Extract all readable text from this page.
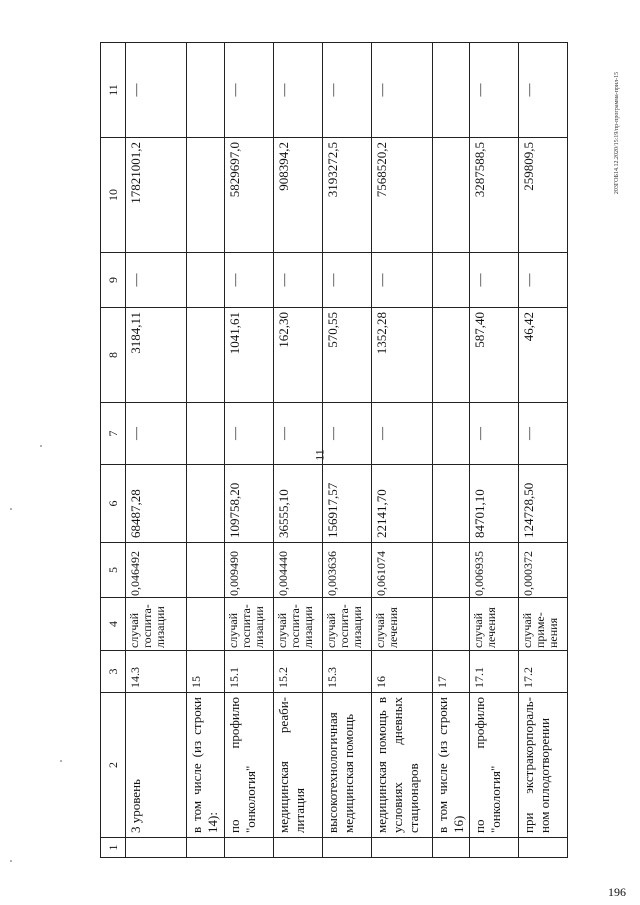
11
203ГОБ14.12.2020/15:19/пр-программа-прил-15
196
1	2	3	4	5	6	7	8	9	10	11
	3 уровень	14.3	случай госпита-лизации	0,046492	68487,28	—	3184,11	—	17821001,2	—
	в том числе (из строки 14):	15								
	по профилю "онкология"	15.1	случай госпита-лизации	0,009490	109758,20	—	1041,61	—	5829697,0	—
	медицинская реаби-литация	15.2	случай госпита-лизации	0,004440	36555,10	—	162,30	—	908394,2	—
	высокотехнологичная медицинская помощь	15.3	случай госпита-лизации	0,003636	156917,57	—	570,55	—	3193272,5	—
	медицинская помощь в условиях дневных стационаров	16	случай лечения	0,061074	22141,70	—	1352,28	—	7568520,2	—
	в том числе (из строки 16)	17								
	по профилю "онкология"	17.1	случай лечения	0,006935	84701,10	—	587,40	—	3287588,5	—
	при экстракорпораль-ном оплодотворении	17.2	случай приме-нения	0,000372	124728,50	—	46,42	—	259809,5	—
